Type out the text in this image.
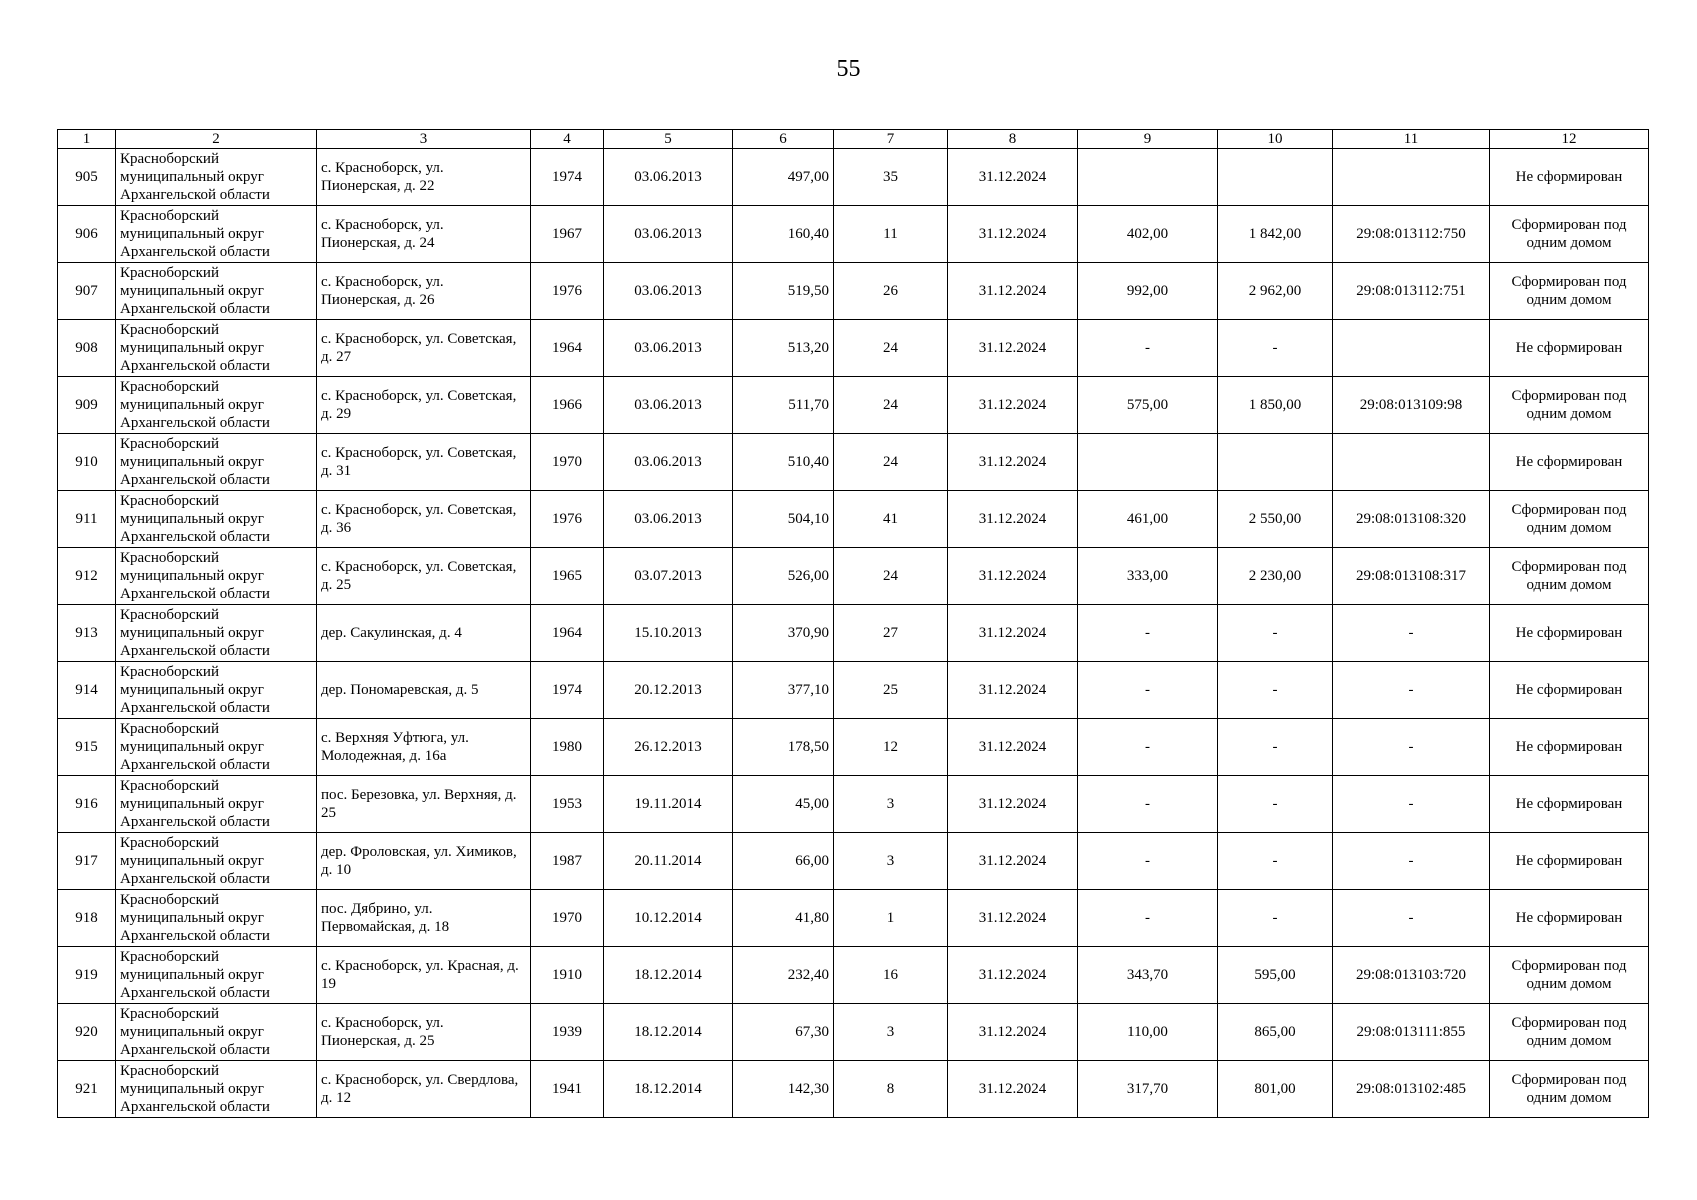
55
1	2	3	4	5	6	7	8	9	10	11	12
905	Красноборский муниципальный округ Архангельской области	с. Красноборск, ул. Пионерская, д. 22	1974	03.06.2013	497,00	35	31.12.2024				Не сформирован
906	Красноборский муниципальный округ Архангельской области	с. Красноборск, ул. Пионерская, д. 24	1967	03.06.2013	160,40	11	31.12.2024	402,00	1 842,00	29:08:013112:750	Сформирован под одним домом
907	Красноборский муниципальный округ Архангельской области	с. Красноборск, ул. Пионерская, д. 26	1976	03.06.2013	519,50	26	31.12.2024	992,00	2 962,00	29:08:013112:751	Сформирован под одним домом
908	Красноборский муниципальный округ Архангельской области	с. Красноборск, ул. Советская, д. 27	1964	03.06.2013	513,20	24	31.12.2024	-	-		Не сформирован
909	Красноборский муниципальный округ Архангельской области	с. Красноборск, ул. Советская, д. 29	1966	03.06.2013	511,70	24	31.12.2024	575,00	1 850,00	29:08:013109:98	Сформирован под одним домом
910	Красноборский муниципальный округ Архангельской области	с. Красноборск, ул. Советская, д. 31	1970	03.06.2013	510,40	24	31.12.2024				Не сформирован
911	Красноборский муниципальный округ Архангельской области	с. Красноборск, ул. Советская, д. 36	1976	03.06.2013	504,10	41	31.12.2024	461,00	2 550,00	29:08:013108:320	Сформирован под одним домом
912	Красноборский муниципальный округ Архангельской области	с. Красноборск, ул. Советская, д. 25	1965	03.07.2013	526,00	24	31.12.2024	333,00	2 230,00	29:08:013108:317	Сформирован под одним домом
913	Красноборский муниципальный округ Архангельской области	дер. Сакулинская, д. 4	1964	15.10.2013	370,90	27	31.12.2024	-	-	-	Не сформирован
914	Красноборский муниципальный округ Архангельской области	дер. Пономаревская, д. 5	1974	20.12.2013	377,10	25	31.12.2024	-	-	-	Не сформирован
915	Красноборский муниципальный округ Архангельской области	с. Верхняя Уфтюга, ул. Молодежная, д. 16а	1980	26.12.2013	178,50	12	31.12.2024	-	-	-	Не сформирован
916	Красноборский муниципальный округ Архангельской области	пос. Березовка, ул. Верхняя, д. 25	1953	19.11.2014	45,00	3	31.12.2024	-	-	-	Не сформирован
917	Красноборский муниципальный округ Архангельской области	дер. Фроловская, ул. Химиков, д. 10	1987	20.11.2014	66,00	3	31.12.2024	-	-	-	Не сформирован
918	Красноборский муниципальный округ Архангельской области	пос. Дябрино, ул. Первомайская, д. 18	1970	10.12.2014	41,80	1	31.12.2024	-	-	-	Не сформирован
919	Красноборский муниципальный округ Архангельской области	с. Красноборск, ул. Красная, д. 19	1910	18.12.2014	232,40	16	31.12.2024	343,70	595,00	29:08:013103:720	Сформирован под одним домом
920	Красноборский муниципальный округ Архангельской области	с. Красноборск, ул. Пионерская, д. 25	1939	18.12.2014	67,30	3	31.12.2024	110,00	865,00	29:08:013111:855	Сформирован под одним домом
921	Красноборский муниципальный округ Архангельской области	с. Красноборск, ул. Свердлова, д. 12	1941	18.12.2014	142,30	8	31.12.2024	317,70	801,00	29:08:013102:485	Сформирован под одним домом
